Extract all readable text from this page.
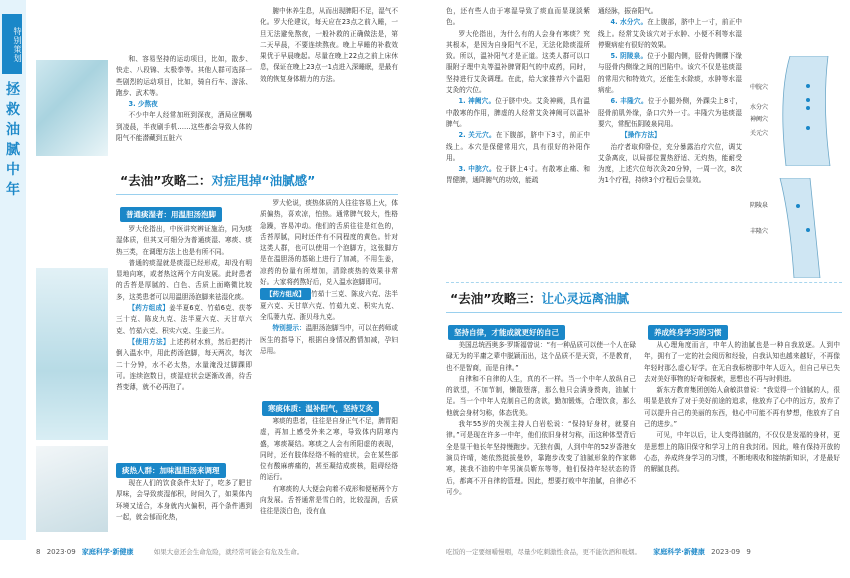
特别策划
拯
救
油
腻
中
年

和、容易坚持的运动项目，比如，散步、快走、八段锦、太极拳等。其他人群可选择一些剧烈的运动项目，比如，骑自行车、游泳、跑步、武术等。

3. 少熬夜

不少中年人经常加班到深夜，酒局应酬喝到凌晨，半夜刷手机……这些都会导致人体的阳气不能潜藏到五脏六

腑中休养生息，从而出现脾阳不足，湿气不化。罗大伦建议，每天应在23点之前入睡，一旦无法避免熬夜，一般补救的正确做法是，第二天早晨，不要连续熬夜。晚上早睡的补救效果优于早晨晚起。尽量在晚上22点之前上床休息，保证在晚上23点一1点进入深睡眠，是最有效的恢复身体精力的方法。

“去油”攻略二：对症甩掉“油腻感”
普通痰湿者：用温胆汤泡脚

罗大伦指出，中医讲究辨证施治，同为痰湿体质，但其又可细分为普通痰湿、寒痰、痰热三类，在调理方法上也是有所不同。

普通的痰湿就是痰湿已经形成，却没有明显地向寒，或者热这两个方向发展。此时患者的舌苔是厚腻的、白色、舌质上面略微比较多，这类患者可以用温胆汤泡脚来祛湿化痰。

【药方组成】姜半夏6克、竹茹6克、茯苓三十克、陈皮九克、法半夏六克、天甘草六克、竹茹六克、积实六克、生姜三片。

【使用方法】上述药材水煎，然后把药汁倒入温水中，用此药汤泡脚，每天两次，每次二十分钟，水不必太热，水量淹没过脚踝即可。连续泡数日，痰湿症状会逐渐改善，待舌苔变薄，就不必再泡了。

痰热人群：加味温胆汤来调理

现在人们的饮食条件太好了，吃多了肥甘厚味，会导致痰湿郁积，时间久了，如果体内环境又适合，本身就内火偏积，再个条件遇到一起，就会郁而化热，

罗大伦说，痰热体质的人往往容易上火，体质偏热，喜欢凉，怕热。通常脾气较大，性格急躁，容易冲动。他们的舌质往往是红色的，舌苔厚腻，同时还伴有不同程度的黄色。针对这类人群，也可以使用一个泡脚方，这张脚方是在温胆汤的基础上进行了加减，不用生姜，凉药的份量有所增加，清除痰热的效果非常好。大家将药熬好后，兑入温水泡脚即可。

【药方组成】 竹茹十三克、陈皮六克、法半夏六克、天甘草六克、竹茹九克、积实九克、全瓜蒌九克、浙贝母九克。

特别提示：温胆汤泡脚当中，可以在药师或医生的指导下，根据自身情况酌情加减，孕妇忌用。

寒痰体质：温补阳气，坚持艾灸

寒痰的患者，往往是自身正气不足，脾胃阳虚，再加上感受外来之寒，导致体内阴寒内盛，寒痰凝结。寒痰之人会有所阳虚的表现，同时，还有肢体经络不畅的症状，会在某些部位有酸麻痹痛的，甚至凝结成痰核，阻碍经络的运行。

有寒痰的人大便会向着不成形和便秘两个方向发展。舌苔通常是雪白的，比较湿润，舌质往往是淡白色，没有血

8 2023·09 家庭科学·新健康	如果大意还会生命危险，就经常可能会有危及生命。

色，还有些人由于寒湿导致了痰血而显现淡紫色。

罗大伦指出，为什么有的人会身有寒痰？究其根本，是因为自身阳气不足，无法化除痰湿所致。所以，温补阳气才是正道。这类人群可以口服附子理中丸等温补脾肾阳气的中成药，同时，坚持进行艾灸调理。在此，给大家推荐六个温阳艾灸的穴位。

1. 神阙穴。位于脐中央。艾灸神阙，具有温中散寒的作用，脾虚的人经常艾灸神阙可以温补脾气。

2. 关元穴。在下腹部，脐中下3寸，前正中线上。本穴是保健常用穴，具有很好的补阳作用。

3. 中脘穴。位于脐上4寸。有散寒止痛、和胃健脾，通降腑气的功效，能疏

通经脉，振奋阳气。

4. 水分穴。在上腹部，脐中上一寸，前正中线上。经常艾灸该穴对于水肿、小便不利等水湿停聚病症有很好的效果。

5. 阴陵泉。位于小腿内侧，胫骨内侧髁下缘与胫骨内侧缘之间的凹陷中。该穴不仅是祛痰湿的常用穴和特效穴，还能生水除痰，水肿等水湿病症。

6. 丰隆穴。位于小腿外侧，外踝尖上8寸，胫骨前肌外缘，条口穴外一寸。丰隆穴为祛痰湿要穴，常配伍阴陵泉同用。

【操作方法】

治疗者取仰卧位，充分暴露治疗穴位，调艾艾条离皮，以局部位置热舒适、无灼热，能耐受为度，上述穴位每次灸20分钟，一周一次，8次为1个疗程，持续3个疗程后会显效。

中脘穴
水分穴
神阙穴
关元穴
阴陵泉
丰隆穴
“去油”攻略三：让心灵远离油腻
坚持自律，才能成就更好的自己

美国总统西奥多·罗斯福曾说：“有一种品质可以使一个人在碌碌无为的平庸之辈中脱颖而出，这个品质不是天资，不是教育，也不是智商，而是自律。”

自律和不自律的人生，真的不一样。当一个中年人放纵自己的欲望，不加节制，懒散堕落，那么他只会满身赘肉，油腻十足。当一个中年人克制自己的贪欲，勤加锻炼，合理饮食，那么他就会身材匀称，体态优美。

我年55岁的央视主持人白岩松说：“保持好身材，就要自律。”可是现在许多一中年，他们依旧身材匀称，而这种体型背后全是显干他长年坚持慢跑步。无独有偶，人到中年的52岁香港女演员许晴，她依然挺拔曼妙，靠跑步改变了油腻形象的作家韩寒，挑我不油的中年男演员靳东等等，他们保持年轻状态的背后，都离不开自律的管理。因此，想要打败中年油腻，自律必不可少。

养成终身学习的习惯

从心理角度而言，中年人的油腻也是一种自我放逐。人到中年，拥有了一定的社会阅历和经验，自我认知也越来越好，不再像年轻时那么虚心好学。在无自我标榜那中年人迈入，但自己早已失去对美好事物的好奇和探索，思想也不再与时俱进。

新东方教育集团创始人俞敏洪曾说：“我觉得一个油腻的人，很明显是放弃了对于美好前途的追求，他放弃了心中的远方，放弃了可以提升自己的美丽的东西，他心中可能不再有梦想，他放弃了自己的进步。”

可见，中年以后，让人变得油腻的，不仅仅是发福的身材，更是思想上的陈旧保守和学习上的自我封闭。因此，唯有保持开放的心态，养成终身学习的习惯，不断地吸收和接纳新知识，才是最好的解腻良药。

吃饭的一定要细嚼慢咽，尽量少吃刺激性食品，更不能饮酒和吸烟。 家庭科学·新健康 2023·09 9
